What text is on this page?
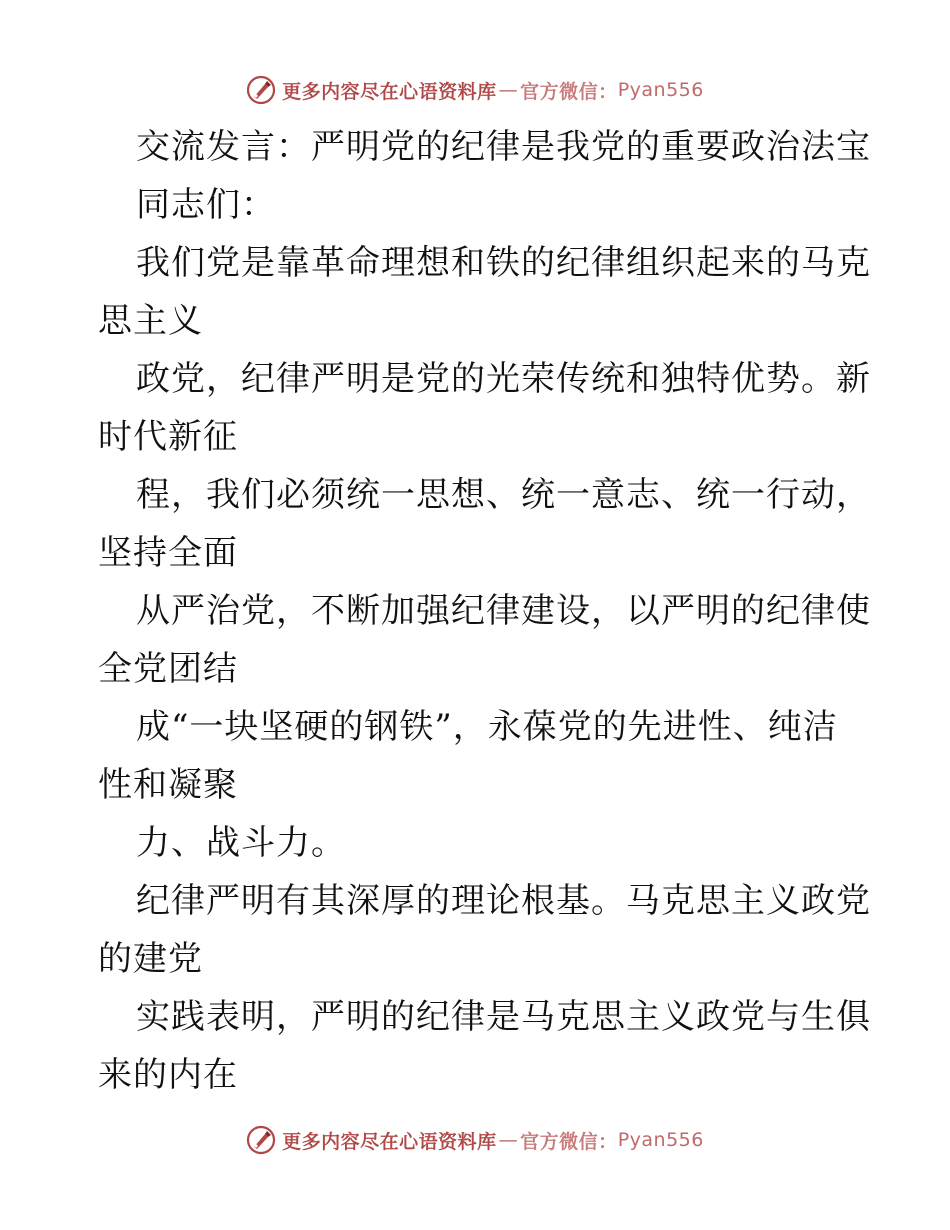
更多内容尽在心语资料库 — 官方微信： Pyan556
交流发言：严明党的纪律是我党的重要政治法宝
同志们：
我们党是靠革命理想和铁的纪律组织起来的马克
思主义
政党，纪律严明是党的光荣传统和独特优势。新
时代新征
程，我们必须统一思想、统一意志、统一行动，
坚持全面
从严治党，不断加强纪律建设，以严明的纪律使
全党团结
成“一块坚硬的钢铁”，永葆党的先进性、纯洁
性和凝聚
力、战斗力。
纪律严明有其深厚的理论根基。马克思主义政党
的建党
实践表明，严明的纪律是马克思主义政党与生俱
来的内在
更多内容尽在心语资料库 — 官方微信： Pyan556
